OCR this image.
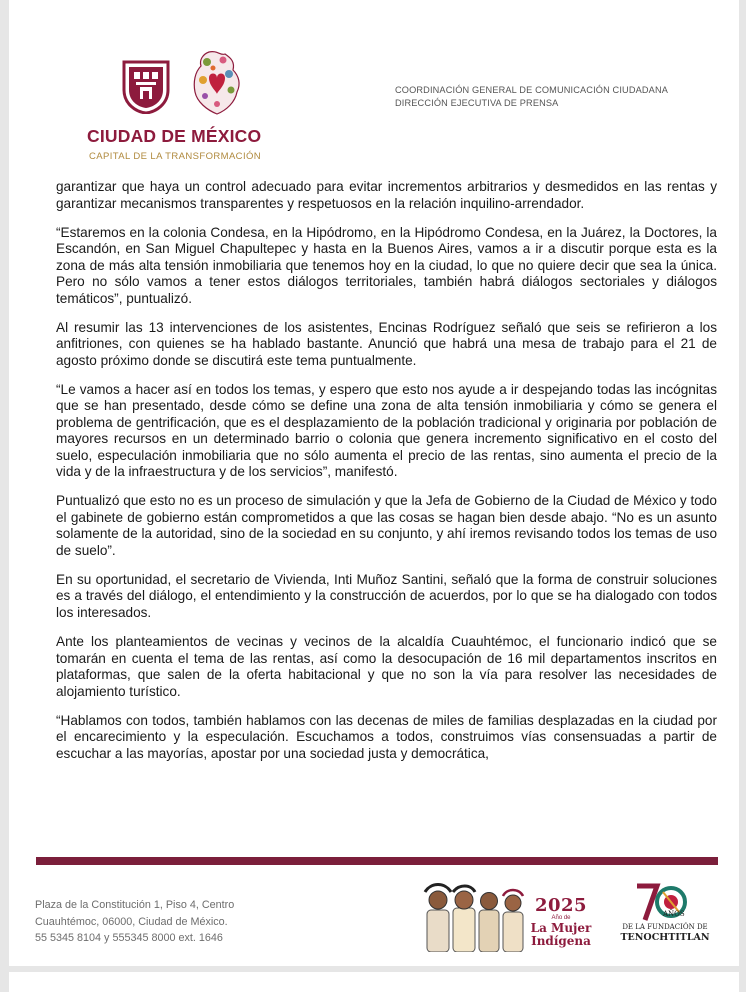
CIUDAD DE MÉXICO
CAPITAL DE LA TRANSFORMACIÓN
COORDINACIÓN GENERAL DE COMUNICACIÓN CIUDADANA
DIRECCIÓN EJECUTIVA DE PRENSA

garantizar que haya un control adecuado para evitar incrementos arbitrarios y desmedidos en las rentas y garantizar mecanismos transparentes y respetuosos en la relación inquilino-arrendador.

“Estaremos en la colonia Condesa, en la Hipódromo, en la Hipódromo Condesa, en la Juárez, la Doctores, la Escandón, en San Miguel Chapultepec y hasta en la Buenos Aires, vamos a ir a discutir porque esta es la zona de más alta tensión inmobiliaria que tenemos hoy en la ciudad, lo que no quiere decir que sea la única. Pero no sólo vamos a tener estos diálogos territoriales, también habrá diálogos sectoriales y diálogos temáticos”, puntualizó.

Al resumir las 13 intervenciones de los asistentes, Encinas Rodríguez señaló que seis se refirieron a los anfitriones, con quienes se ha hablado bastante. Anunció que habrá una mesa de trabajo para el 21 de agosto próximo donde se discutirá este tema puntualmente.

“Le vamos a hacer así en todos los temas, y espero que esto nos ayude a ir despejando todas las incógnitas que se han presentado, desde cómo se define una zona de alta tensión inmobiliaria y cómo se genera el problema de gentrificación, que es el desplazamiento de la población tradicional y originaria por población de mayores recursos en un determinado barrio o colonia que genera incremento significativo en el costo del suelo, especulación inmobiliaria que no sólo aumenta el precio de las rentas, sino aumenta el precio de la vida y de la infraestructura y de los servicios”, manifestó.

Puntualizó que esto no es un proceso de simulación y que la Jefa de Gobierno de la Ciudad de México y todo el gabinete de gobierno están comprometidos a que las cosas se hagan bien desde abajo. “No es un asunto solamente de la autoridad, sino de la sociedad en su conjunto, y ahí iremos revisando todos los temas de uso de suelo”.

En su oportunidad, el secretario de Vivienda, Inti Muñoz Santini, señaló que la forma de construir soluciones es a través del diálogo, el entendimiento y la construcción de acuerdos, por lo que se ha dialogado con todos los interesados.

Ante los planteamientos de vecinas y vecinos de la alcaldía Cuauhtémoc, el funcionario indicó que se tomarán en cuenta el tema de las rentas, así como la desocupación de 16 mil departamentos inscritos en plataformas, que salen de la oferta habitacional y que no son la vía para resolver las necesidades de alojamiento turístico.

“Hablamos con todos, también hablamos con las decenas de miles de familias desplazadas en la ciudad por el encarecimiento y la especulación. Escuchamos a todos, construimos vías consensuadas a partir de escuchar a las mayorías, apostar por una sociedad justa y democrática,

Plaza de la Constitución 1, Piso 4, Centro
Cuauhtémoc, 06000, Ciudad de México.
55 5345 8104 y 555345 8000 ext. 1646
2025
Año de
La Mujer
Indígena
AÑOS
DE LA FUNDACIÓN DE
TENOCHTITLAN
